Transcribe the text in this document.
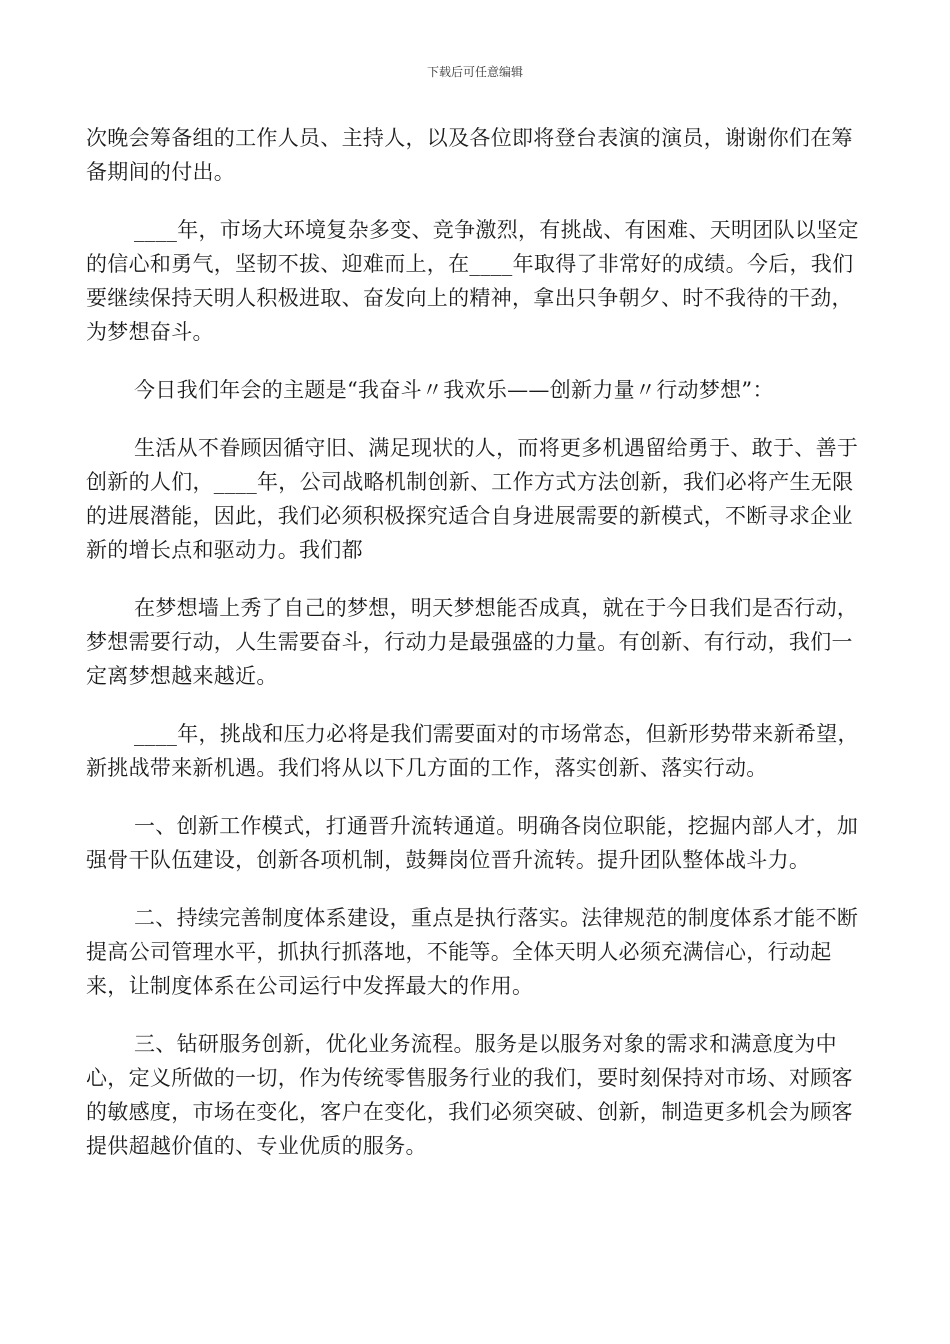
下载后可任意编辑

次晚会筹备组的工作人员、主持人，以及各位即将登台表演的演员，谢谢你们在筹备期间的付出。

____年，市场大环境复杂多变、竞争激烈，有挑战、有困难、天明团队以坚定的信心和勇气，坚韧不拔、迎难而上，在____年取得了非常好的成绩。今后，我们要继续保持天明人积极进取、奋发向上的精神，拿出只争朝夕、时不我待的干劲，为梦想奋斗。

今日我们年会的主题是“我奋斗〃我欢乐——创新力量〃行动梦想”：

生活从不眷顾因循守旧、满足现状的人，而将更多机遇留给勇于、敢于、善于创新的人们，____年，公司战略机制创新、工作方式方法创新，我们必将产生无限的进展潜能，因此，我们必须积极探究适合自身进展需要的新模式，不断寻求企业新的增长点和驱动力。我们都

在梦想墙上秀了自己的梦想，明天梦想能否成真，就在于今日我们是否行动，梦想需要行动，人生需要奋斗，行动力是最强盛的力量。有创新、有行动，我们一定离梦想越来越近。

____年，挑战和压力必将是我们需要面对的市场常态，但新形势带来新希望，新挑战带来新机遇。我们将从以下几方面的工作，落实创新、落实行动。

一、创新工作模式，打通晋升流转通道。明确各岗位职能，挖掘内部人才，加强骨干队伍建设，创新各项机制，鼓舞岗位晋升流转。提升团队整体战斗力。

二、持续完善制度体系建设，重点是执行落实。法律规范的制度体系才能不断提高公司管理水平，抓执行抓落地，不能等。全体天明人必须充满信心，行动起来，让制度体系在公司运行中发挥最大的作用。

三、钻研服务创新，优化业务流程。服务是以服务对象的需求和满意度为中心，定义所做的一切，作为传统零售服务行业的我们，要时刻保持对市场、对顾客的敏感度，市场在变化，客户在变化，我们必须突破、创新，制造更多机会为顾客提供超越价值的、专业优质的服务。
